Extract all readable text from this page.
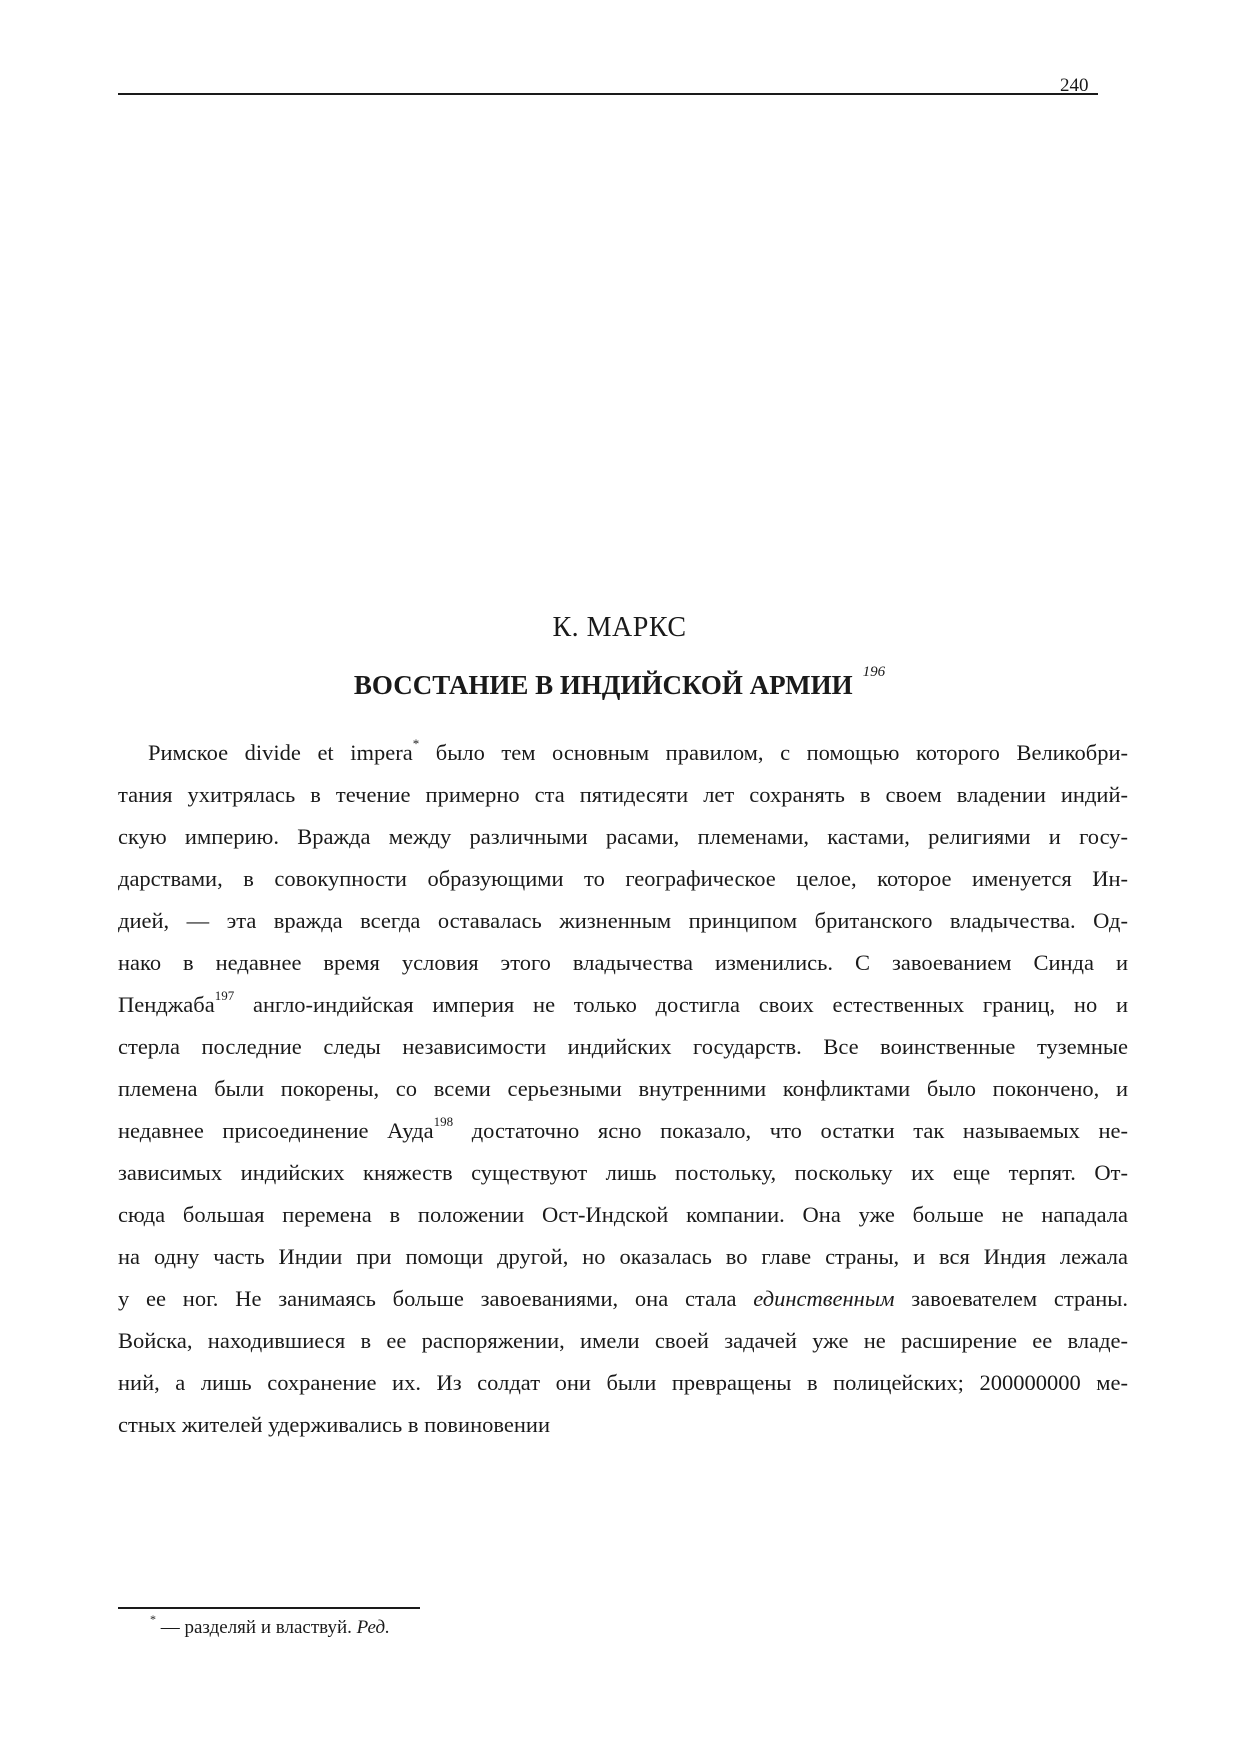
240
К. МАРКС
ВОССТАНИЕ В ИНДИЙСКОЙ АРМИИ 196
Римское divide et impera* было тем основным правилом, с помощью которого Великобри-
тания ухитрялась в течение примерно ста пятидесяти лет сохранять в своем владении индий-
скую империю. Вражда между различными расами, племенами, кастами, религиями и госу-
дарствами, в совокупности образующими то географическое целое, которое именуется Ин-
дией, — эта вражда всегда оставалась жизненным принципом британского владычества. Од-
нако в недавнее время условия этого владычества изменились. С завоеванием Синда и
Пенджаба$^{197}$ англо-индийская империя не только достигла своих естественных границ, но и
стерла последние следы независимости индийских государств. Все воинственные туземные
племена были покорены, со всеми серьезными внутренними конфликтами было покончено, и
недавнее присоединение Ауда$^{198}$ достаточно ясно показало, что остатки так называемых не-
зависимых индийских княжеств существуют лишь постольку, поскольку их еще терпят. От-
сюда большая перемена в положении Ост-Индской компании. Она уже больше не нападала
на одну часть Индии при помощи другой, но оказалась во главе страны, и вся Индия лежала
у ее ног. Не занимаясь больше завоеваниями, она стала единственным завоевателем страны.
Войска, находившиеся в ее распоряжении, имели своей задачей уже не расширение ее владе-
ний, а лишь сохранение их. Из солдат они были превращены в полицейских; 200000000 ме-
стных жителей удерживались в повиновении
* — разделяй и властвуй. Ред.
